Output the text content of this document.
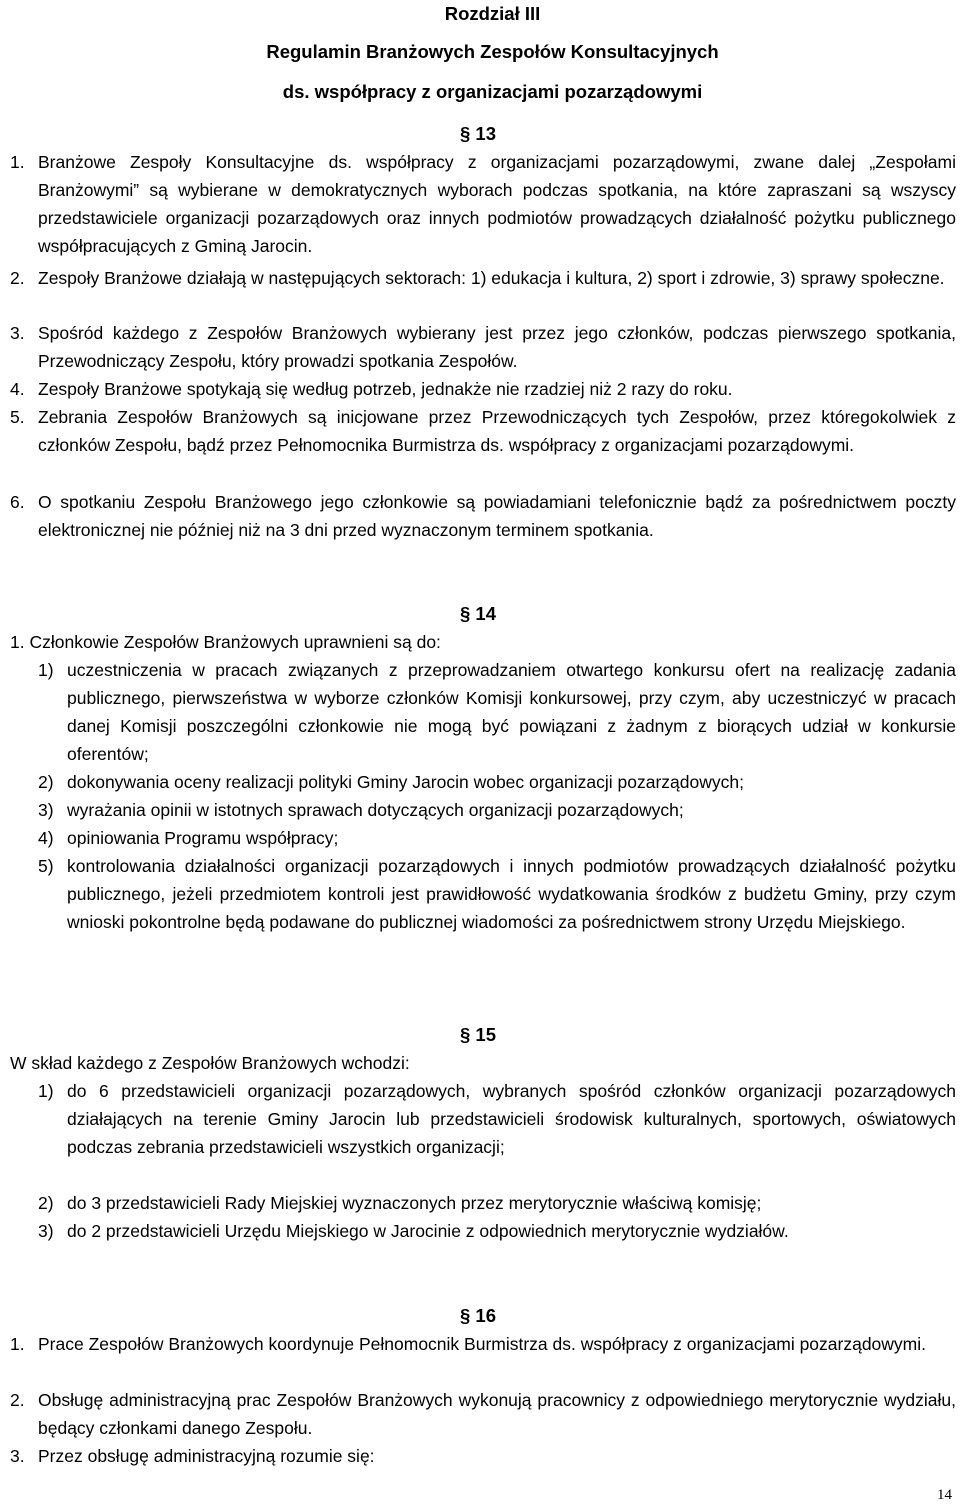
Rozdział III
Regulamin Branżowych Zespołów Konsultacyjnych
ds. współpracy z organizacjami pozarządowymi
§ 13
1. Branżowe Zespoły Konsultacyjne ds. współpracy z organizacjami pozarządowymi, zwane dalej „Zespołami Branżowymi” są wybierane w demokratycznych wyborach podczas spotkania, na które zapraszani są wszyscy przedstawiciele organizacji pozarządowych oraz innych podmiotów prowadzących działalność pożytku publicznego współpracujących z Gminą Jarocin.
2. Zespoły Branżowe działają w następujących sektorach: 1) edukacja i kultura, 2) sport i zdrowie, 3) sprawy społeczne.
3. Spośród każdego z Zespołów Branżowych wybierany jest przez jego członków, podczas pierwszego spotkania, Przewodniczący Zespołu, który prowadzi spotkania Zespołów.
4. Zespoły Branżowe spotykają się według potrzeb, jednakże nie rzadziej niż 2 razy do roku.
5. Zebrania Zespołów Branżowych są inicjowane przez Przewodniczących tych Zespołów, przez któregokolwiek z członków Zespołu, bądź przez Pełnomocnika Burmistrza ds. współpracy z organizacjami pozarządowymi.
6. O spotkaniu Zespołu Branżowego jego członkowie są powiadamiani telefonicznie bądź za pośrednictwem poczty elektronicznej nie później niż na 3 dni przed wyznaczonym terminem spotkania.
§ 14
1. Członkowie Zespołów Branżowych uprawnieni są do:
1) uczestniczenia w pracach związanych z przeprowadzaniem otwartego konkursu ofert na realizację zadania publicznego, pierwszeństwa w wyborze członków Komisji konkursowej, przy czym, aby uczestniczyć w pracach danej Komisji poszczególni członkowie nie mogą być powiązani z żadnym z biorących udział w konkursie oferentów;
2) dokonywania oceny realizacji polityki Gminy Jarocin wobec organizacji pozarządowych;
3) wyrażania opinii w istotnych sprawach dotyczących organizacji pozarządowych;
4) opiniowania Programu współpracy;
5) kontrolowania działalności organizacji pozarządowych i innych podmiotów prowadzących działalność pożytku publicznego, jeżeli przedmiotem kontroli jest prawidłowość wydatkowania środków z budżetu Gminy, przy czym wnioski pokontrolne będą podawane do publicznej wiadomości za pośrednictwem strony Urzędu Miejskiego.
§ 15
W skład każdego z Zespołów Branżowych wchodzi:
1) do 6 przedstawicieli organizacji pozarządowych, wybranych spośród członków organizacji pozarządowych działających na terenie Gminy Jarocin lub przedstawicieli środowisk kulturalnych, sportowych, oświatowych podczas zebrania przedstawicieli wszystkich organizacji;
2) do 3 przedstawicieli Rady Miejskiej wyznaczonych przez merytorycznie właściwą komisję;
3) do 2 przedstawicieli Urzędu Miejskiego w Jarocinie z odpowiednich merytorycznie wydziałów.
§ 16
1. Prace Zespołów Branżowych koordynuje Pełnomocnik Burmistrza ds. współpracy z organizacjami pozarządowymi.
2. Obsługę administracyjną prac Zespołów Branżowych wykonują pracownicy z odpowiedniego merytorycznie wydziału, będący członkami danego Zespołu.
3. Przez obsługę administracyjną rozumie się:
14
